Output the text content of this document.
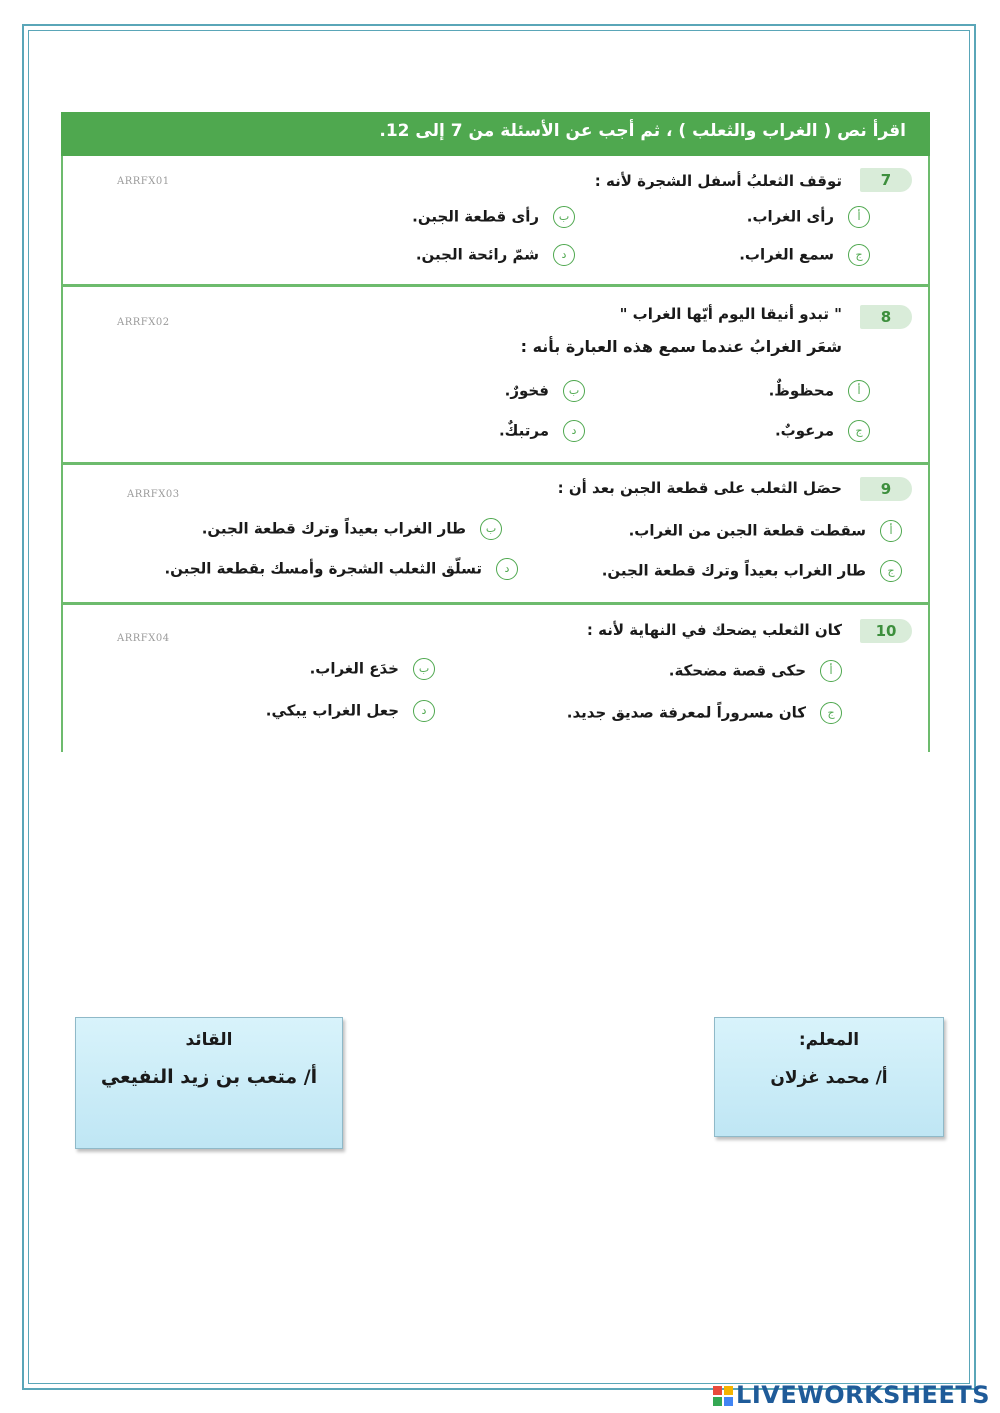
اقرأ نص ( الغراب والثعلب ) ، ثم أجب عن الأسئلة من 7 إلى 12.
7
ARRFX01	توقف الثعلبُ أسفل الشجرة لأنه :
أرأى الغراب.
برأى قطعة الجبن.
جسمع الغراب.
دشمّ رائحة الجبن.
8
ARRFX02	" تبدو أنيقا اليوم أيّها الغراب "
شعَر الغرابُ عندما سمع هذه العبارة بأنه :
أمحظوظٌ.
بفخورٌ.
جمرعوبٌ.
دمرتبكٌ.
9
ARRFX03	حصَل الثعلب على قطعة الجبن بعد أن :
أسقطت قطعة الجبن من الغراب.
بطار الغراب بعيداً وترك قطعة الجبن.
جطار الغراب بعيداً وترك قطعة الجبن.
دتسلّق الثعلب الشجرة وأمسك بقطعة الجبن.
10
ARRFX04	كان الثعلب يضحك في النهاية لأنه :
أحكى قصة مضحكة.
بخدَع الغراب.
جكان مسروراً لمعرفة صديق جديد.
دجعل الغراب يبكي.
القائد
أ/ متعب بن زيد النفيعي
المعلم:
أ/ محمد غزلان
LIVEWORKSHEETS
